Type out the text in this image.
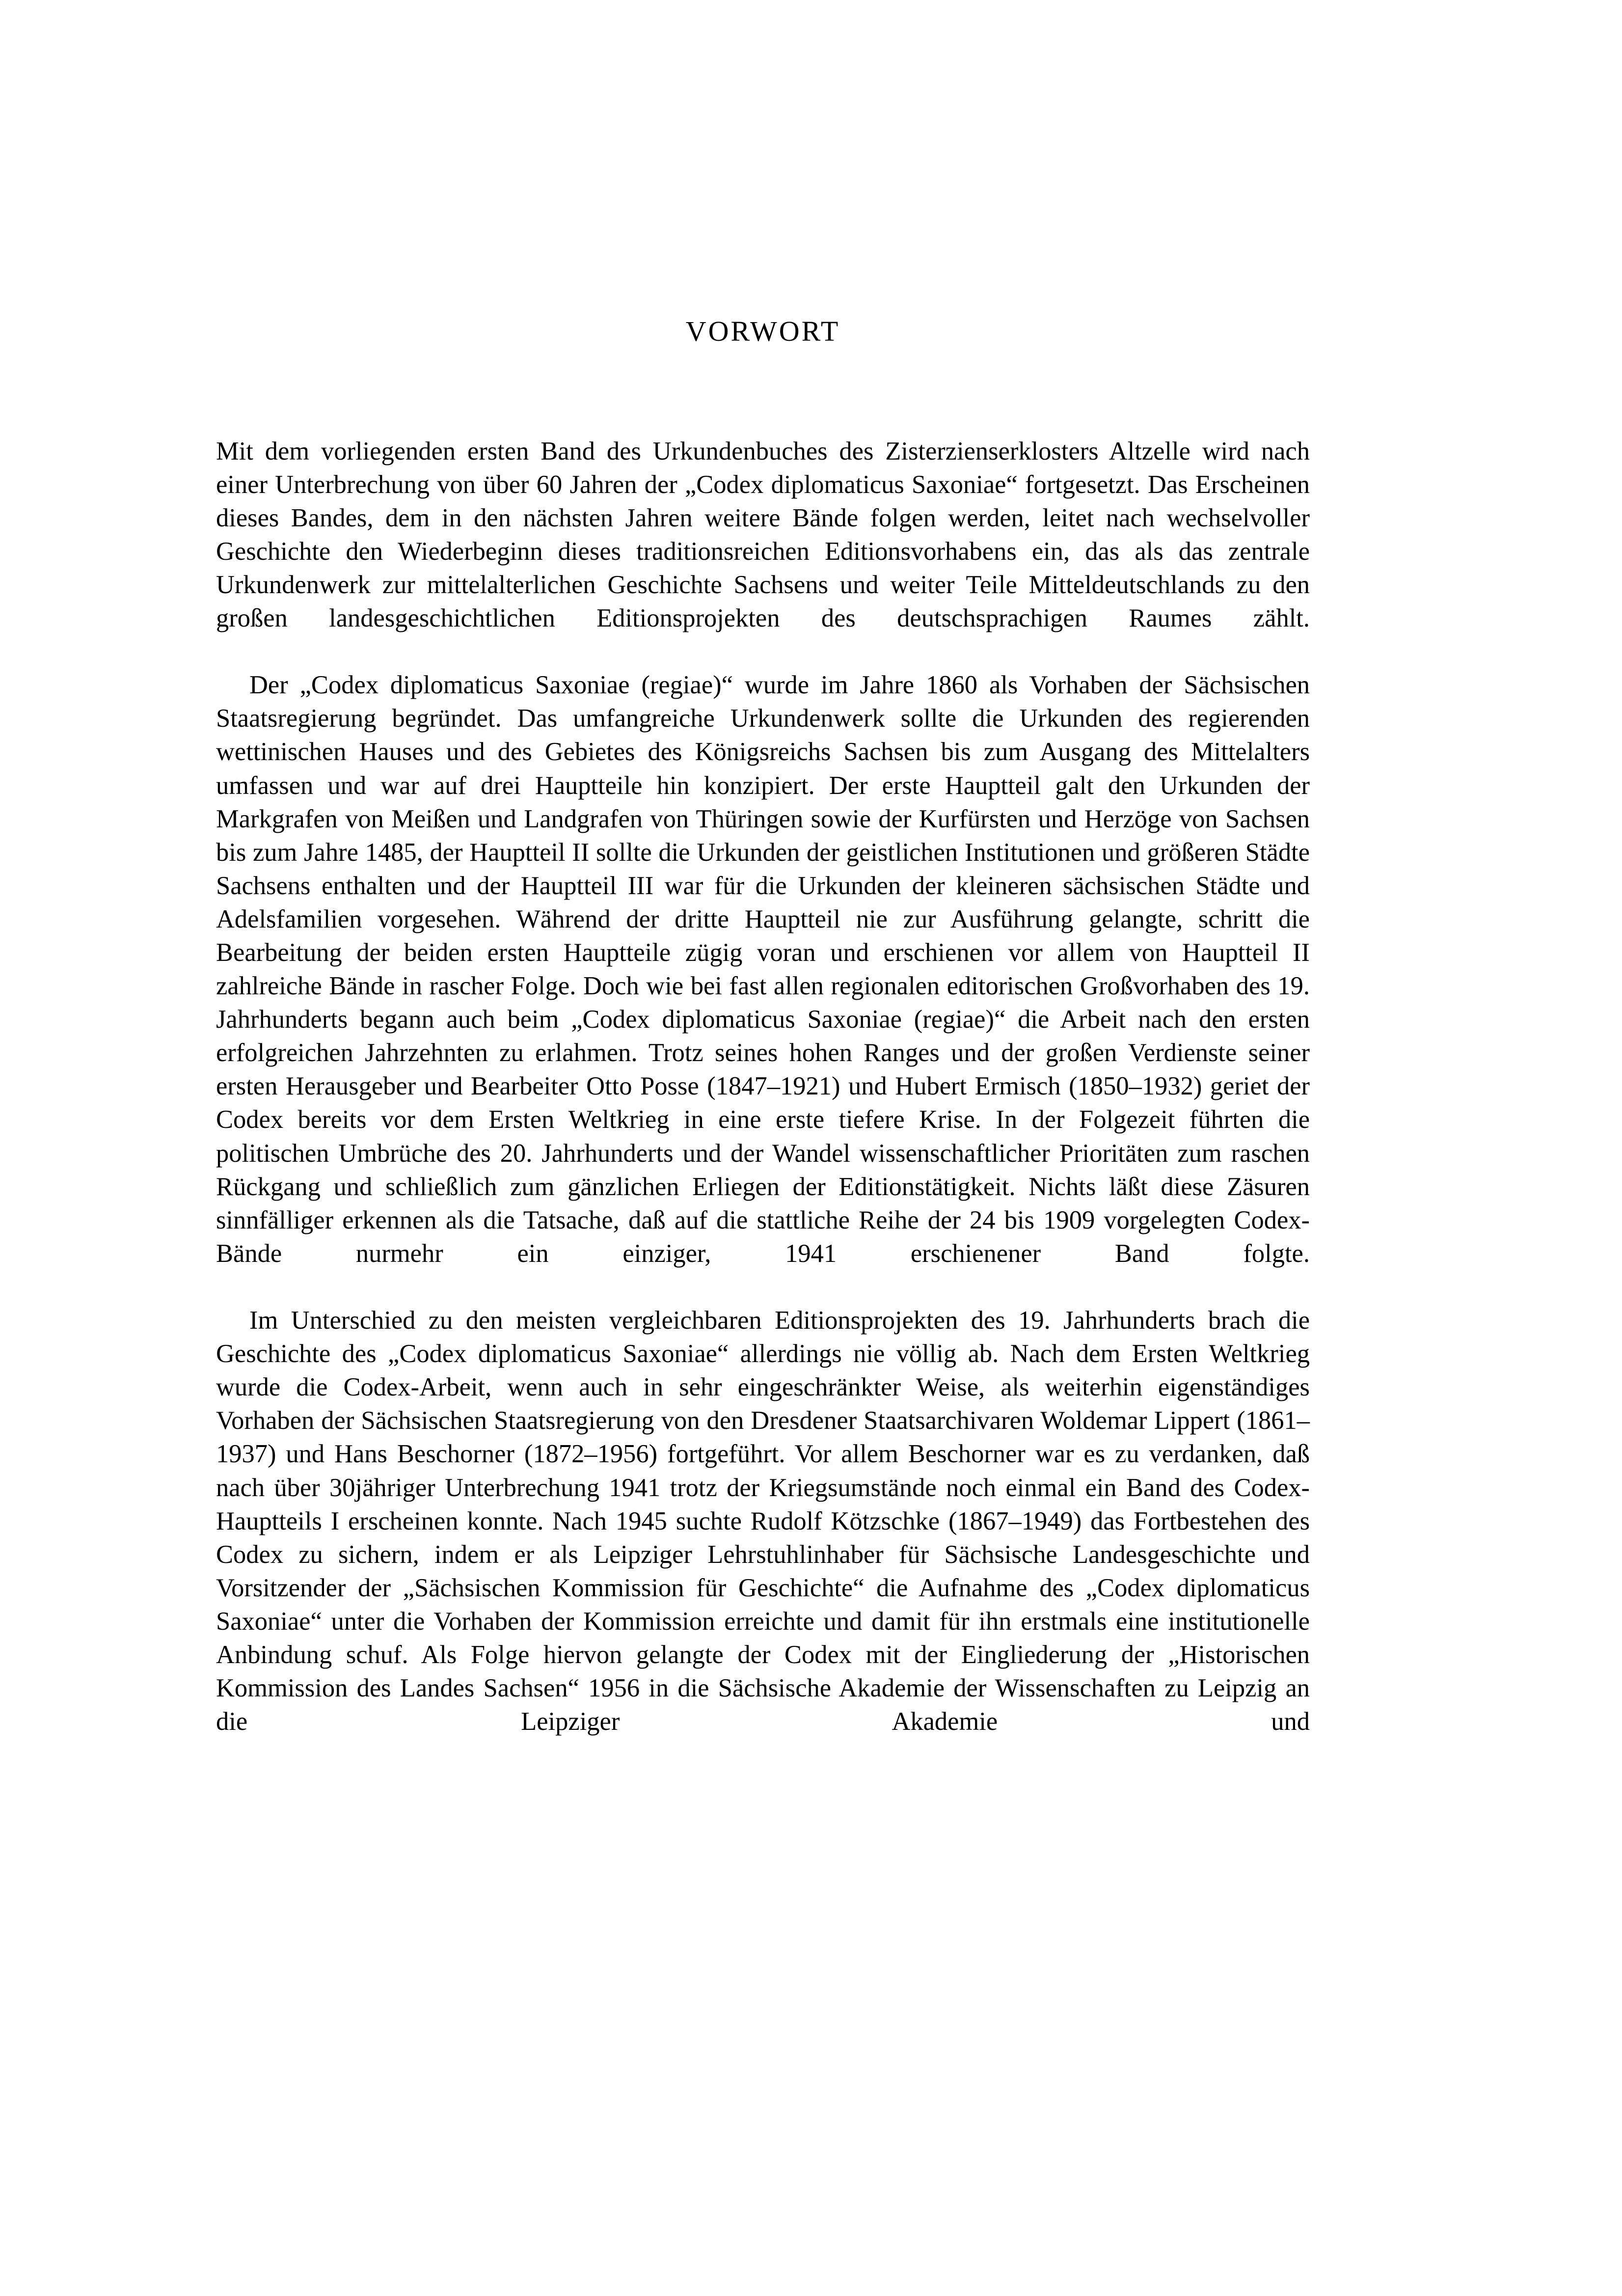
VORWORT

Mit dem vorliegenden ersten Band des Urkundenbuches des Zisterzienserklosters Altzelle wird nach einer Unterbrechung von über 60 Jahren der „Codex diplomaticus Saxoniae“ fortgesetzt. Das Erscheinen dieses Bandes, dem in den nächsten Jahren weitere Bände folgen werden, leitet nach wechselvoller Geschichte den Wiederbeginn dieses traditionsreichen Editionsvorhabens ein, das als das zentrale Urkundenwerk zur mittelalterlichen Geschichte Sachsens und weiter Teile Mitteldeutschlands zu den großen landesgeschichtlichen Editionsprojekten des deutschsprachigen Raumes zählt.

Der „Codex diplomaticus Saxoniae (regiae)“ wurde im Jahre 1860 als Vorhaben der Sächsischen Staatsregierung begründet. Das umfangreiche Urkundenwerk sollte die Urkunden des regierenden wettinischen Hauses und des Gebietes des Königsreichs Sachsen bis zum Ausgang des Mittelalters umfassen und war auf drei Hauptteile hin konzipiert. Der erste Hauptteil galt den Urkunden der Markgrafen von Meißen und Landgrafen von Thüringen sowie der Kurfürsten und Herzöge von Sachsen bis zum Jahre 1485, der Hauptteil II sollte die Urkunden der geistlichen Institutionen und größeren Städte Sachsens enthalten und der Hauptteil III war für die Urkunden der kleineren sächsischen Städte und Adelsfamilien vorgesehen. Während der dritte Hauptteil nie zur Ausführung gelangte, schritt die Bearbeitung der beiden ersten Hauptteile zügig voran und erschienen vor allem von Hauptteil II zahlreiche Bände in rascher Folge. Doch wie bei fast allen regionalen editorischen Großvorhaben des 19. Jahrhunderts begann auch beim „Codex diplomaticus Saxoniae (regiae)“ die Arbeit nach den ersten erfolgreichen Jahrzehnten zu erlahmen. Trotz seines hohen Ranges und der großen Verdienste seiner ersten Herausgeber und Bearbeiter Otto Posse (1847–1921) und Hubert Ermisch (1850–1932) geriet der Codex bereits vor dem Ersten Weltkrieg in eine erste tiefere Krise. In der Folgezeit führten die politischen Umbrüche des 20. Jahrhunderts und der Wandel wissenschaftlicher Prioritäten zum raschen Rückgang und schließlich zum gänzlichen Erliegen der Editionstätigkeit. Nichts läßt diese Zäsuren sinnfälliger erkennen als die Tatsache, daß auf die stattliche Reihe der 24 bis 1909 vorgelegten Codex-Bände nurmehr ein einziger, 1941 erschienener Band folgte.

Im Unterschied zu den meisten vergleichbaren Editionsprojekten des 19. Jahrhunderts brach die Geschichte des „Codex diplomaticus Saxoniae“ allerdings nie völlig ab. Nach dem Ersten Weltkrieg wurde die Codex-Arbeit, wenn auch in sehr eingeschränkter Weise, als weiterhin eigenständiges Vorhaben der Sächsischen Staatsregierung von den Dresdener Staatsarchivaren Woldemar Lippert (1861–1937) und Hans Beschorner (1872–1956) fortgeführt. Vor allem Beschorner war es zu verdanken, daß nach über 30jähriger Unterbrechung 1941 trotz der Kriegsumstände noch einmal ein Band des Codex-Hauptteils I erscheinen konnte. Nach 1945 suchte Rudolf Kötzschke (1867–1949) das Fortbestehen des Codex zu sichern, indem er als Leipziger Lehrstuhlinhaber für Sächsische Landesgeschichte und Vorsitzender der „Sächsischen Kommission für Geschichte“ die Aufnahme des „Codex diplomaticus Saxoniae“ unter die Vorhaben der Kommission erreichte und damit für ihn erstmals eine institutionelle Anbindung schuf. Als Folge hiervon gelangte der Codex mit der Eingliederung der „Historischen Kommission des Landes Sachsen“ 1956 in die Sächsische Akademie der Wissenschaften zu Leipzig an die Leipziger Akademie und
